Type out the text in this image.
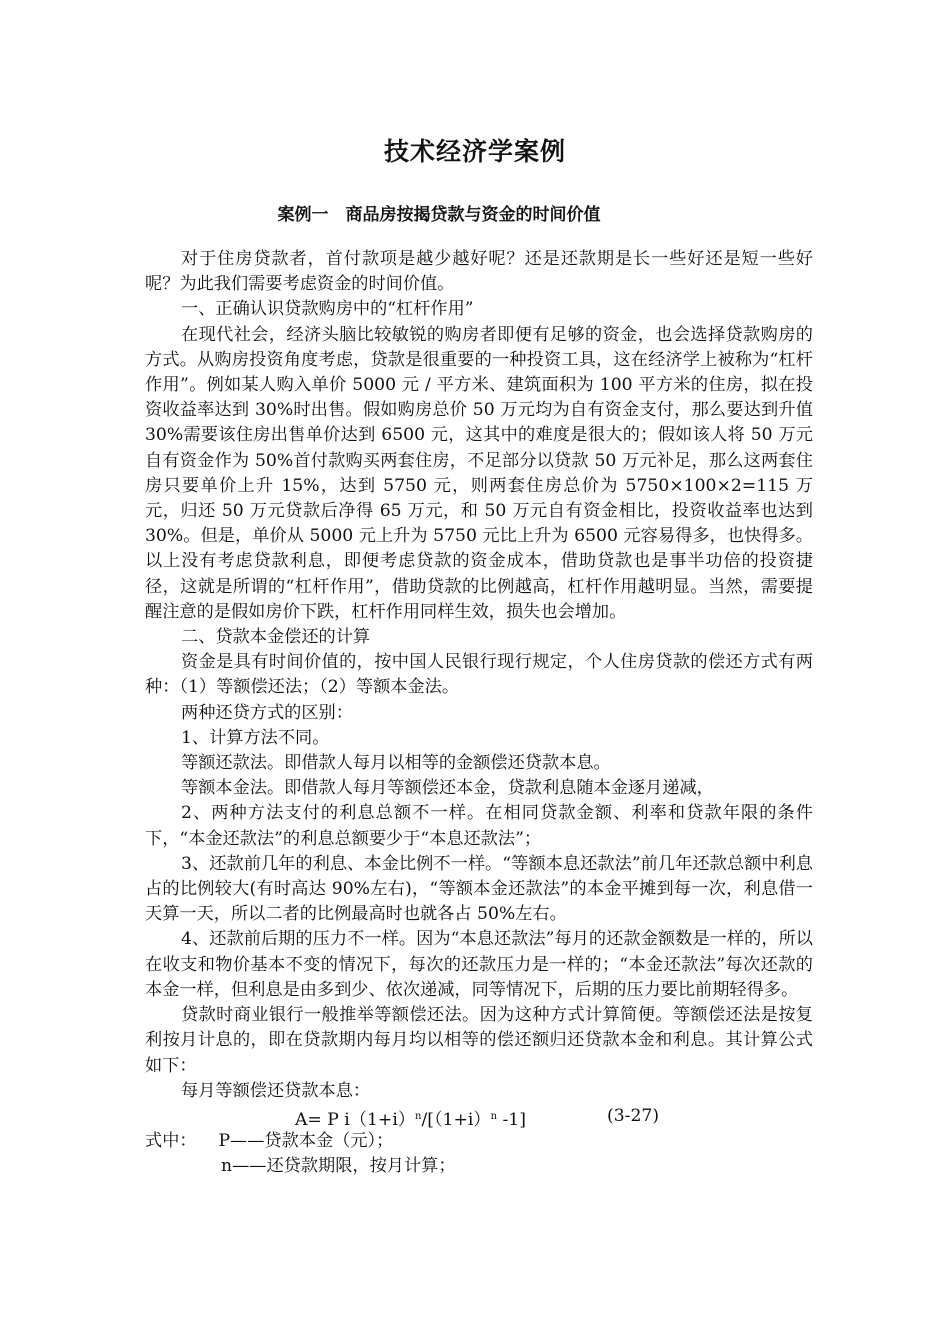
技术经济学案例
案例一　商品房按揭贷款与资金的时间价值

对于住房贷款者，首付款项是越少越好呢？还是还款期是长一些好还是短一些好呢？为此我们需要考虑资金的时间价值。

一、正确认识贷款购房中的“杠杆作用”

在现代社会，经济头脑比较敏锐的购房者即便有足够的资金，也会选择贷款购房的方式。从购房投资角度考虑，贷款是很重要的一种投资工具，这在经济学上被称为“杠杆作用”。例如某人购入单价 5000 元 / 平方米、建筑面积为 100 平方米的住房，拟在投资收益率达到 30%时出售。假如购房总价 50 万元均为自有资金支付，那么要达到升值 30%需要该住房出售单价达到 6500 元，这其中的难度是很大的；假如该人将 50 万元自有资金作为 50%首付款购买两套住房，不足部分以贷款 50 万元补足，那么这两套住房只要单价上升 15%，达到 5750 元，则两套住房总价为 5750×100×2=115 万元，归还 50 万元贷款后净得 65 万元，和 50 万元自有资金相比，投资收益率也达到 30%。但是，单价从 5000 元上升为 5750 元比上升为 6500 元容易得多，也快得多。 以上没有考虑贷款利息，即便考虑贷款的资金成本，借助贷款也是事半功倍的投资捷径，这就是所谓的“杠杆作用”，借助贷款的比例越高，杠杆作用越明显。当然，需要提醒注意的是假如房价下跌，杠杆作用同样生效，损失也会增加。

二、贷款本金偿还的计算

资金是具有时间价值的，按中国人民银行现行规定，个人住房贷款的偿还方式有两种：（1）等额偿还法；（2）等额本金法。

两种还贷方式的区别：

1、计算方法不同。

等额还款法。即借款人每月以相等的金额偿还贷款本息。

等额本金法。即借款人每月等额偿还本金，贷款利息随本金逐月递减，

2、两种方法支付的利息总额不一样。在相同贷款金额、利率和贷款年限的条件下，“本金还款法”的利息总额要少于“本息还款法”；

3、还款前几年的利息、本金比例不一样。“等额本息还款法”前几年还款总额中利息占的比例较大(有时高达 90%左右)，“等额本金还款法”的本金平摊到每一次，利息借一天算一天，所以二者的比例最高时也就各占 50%左右。

4、还款前后期的压力不一样。因为“本息还款法”每月的还款金额数是一样的，所以在收支和物价基本不变的情况下，每次的还款压力是一样的；“本金还款法”每次还款的本金一样，但利息是由多到少、依次递减，同等情况下，后期的压力要比前期轻得多。

贷款时商业银行一般推举等额偿还法。因为这种方式计算简便。等额偿还法是按复利按月计息的，即在贷款期内每月均以相等的偿还额归还贷款本金和利息。其计算公式如下：

每月等额偿还贷款本息：

A= P $i(1+i)^n/[(1+i)^n$ -1]

	(3-27)

式中： P——贷款本金（元）；

n——还贷款期限，按月计算；
